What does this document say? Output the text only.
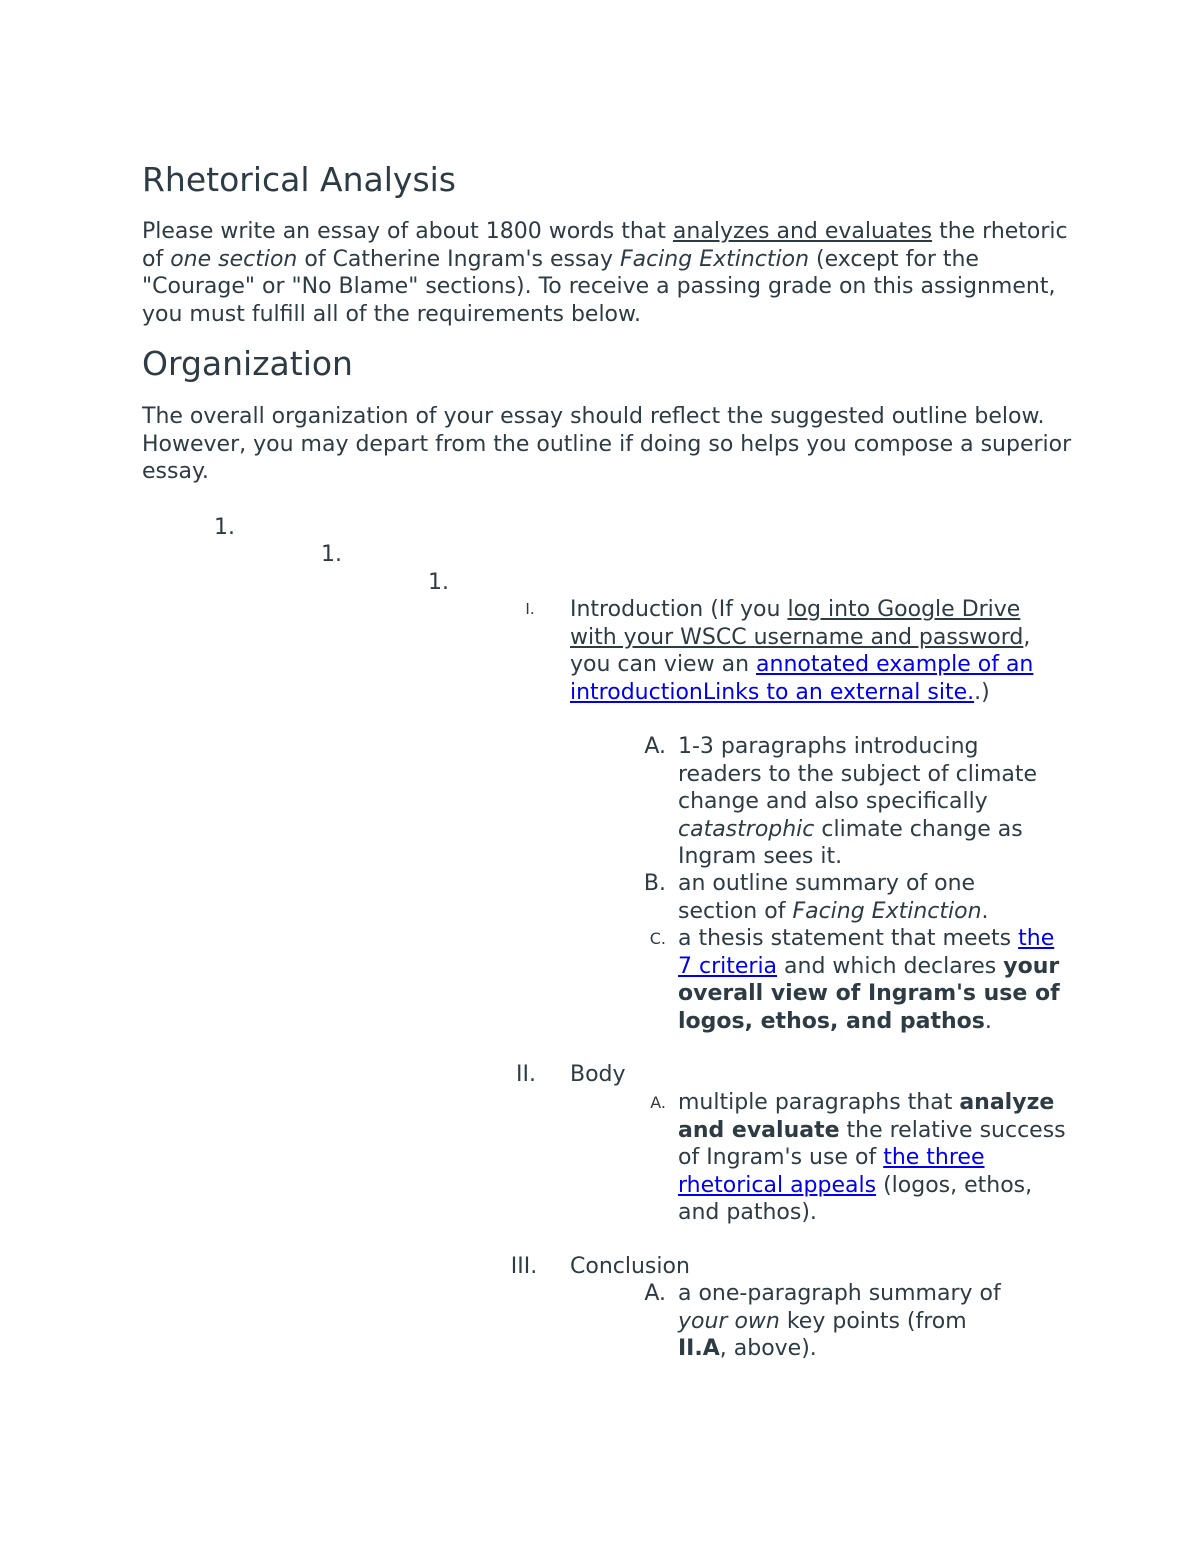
Rhetorical Analysis

Please write an essay of about 1800 words that analyzes and evaluates the rhetoric of one section of Catherine Ingram's essay Facing Extinction (except for the "Courage" or "No Blame" sections). To receive a passing grade on this assignment, you must fulfill all of the requirements below.

Organization

The overall organization of your essay should reflect the suggested outline below. However, you may depart from the outline if doing so helps you compose a superior essay.

1.
1.
1.
I.	Introduction (If you log into Google Drive with your WSCC username and password, you can view an annotated example of an introductionLinks to an external site..)
A. 1-3 paragraphs introducing readers to the subject of climate change and also specifically catastrophic climate change as Ingram sees it.
B. an outline summary of one section of Facing Extinction.
C. a thesis statement that meets the 7 criteria and which declares your overall view of Ingram's use of logos, ethos, and pathos.
II.	Body
A. multiple paragraphs that analyze and evaluate the relative success of Ingram's use of the three rhetorical appeals (logos, ethos, and pathos).
III.	Conclusion
A. a one-paragraph summary of your own key points (from II.A, above).
